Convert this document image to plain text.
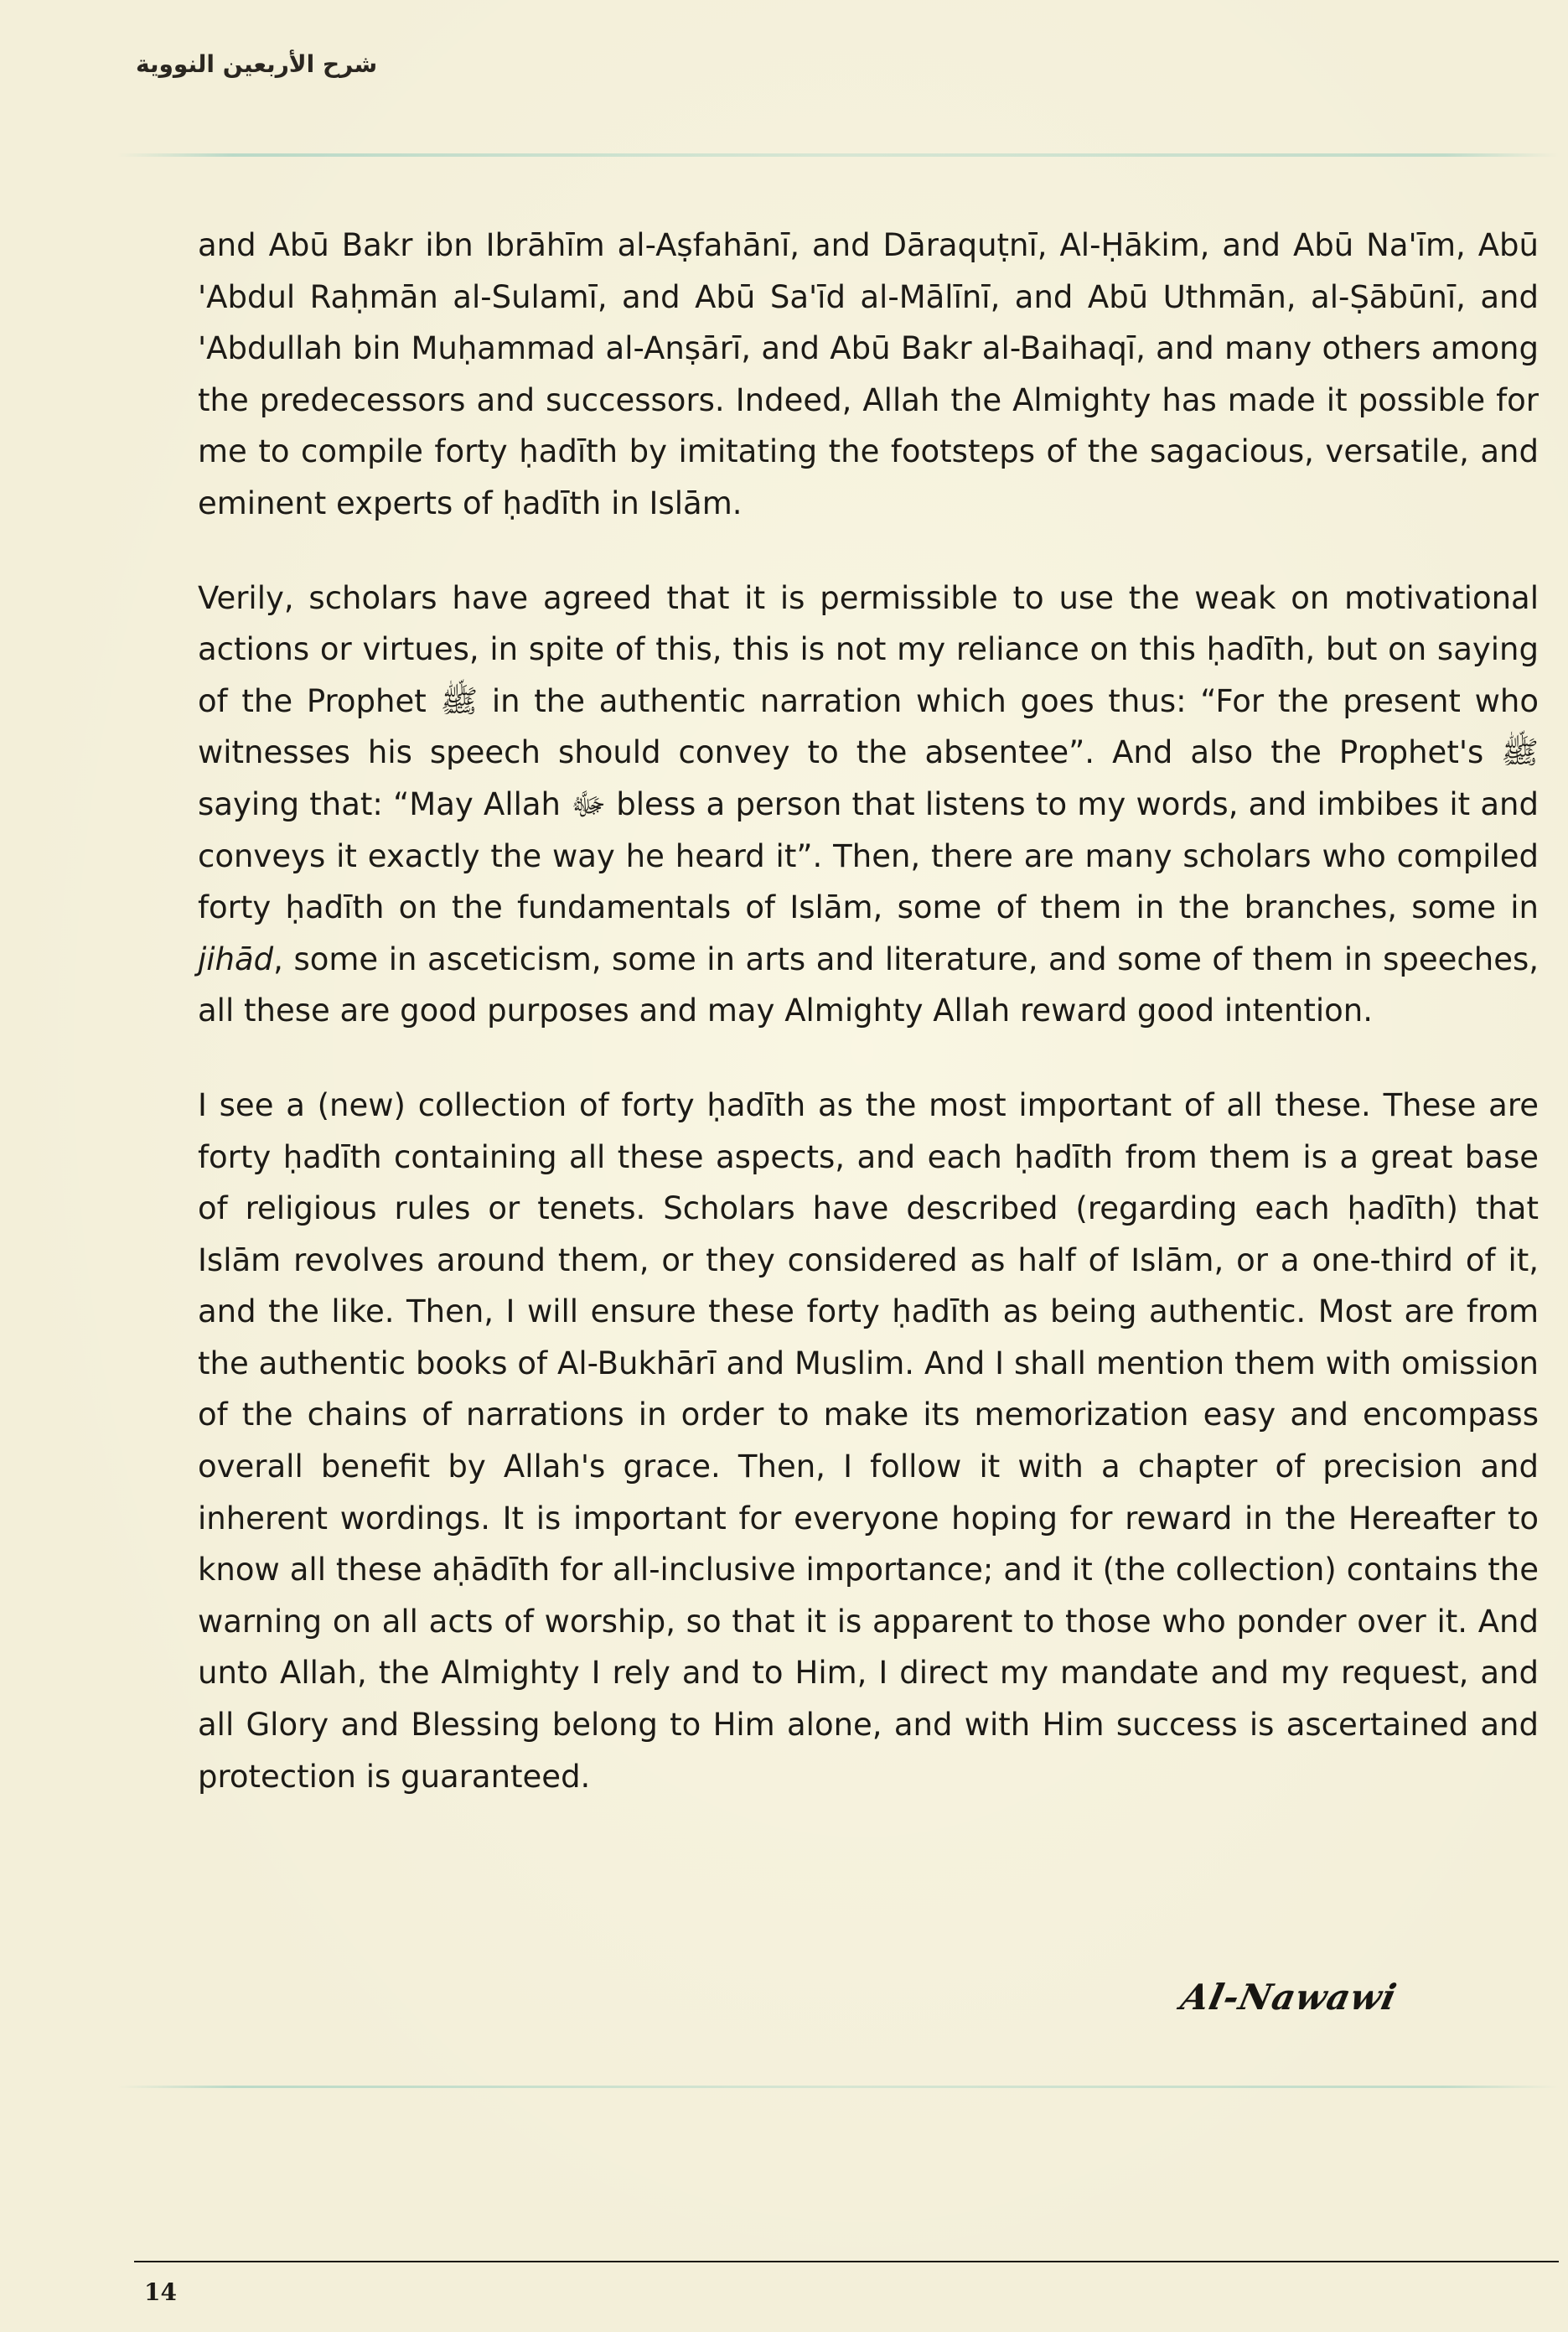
شرح الأربعين النووية

and Abū Bakr ibn Ibrāhīm al-Aṣfahānī, and Dāraquṭnī, Al-Ḥākim, and Abū Na'īm, Abū 'Abdul Raḥmān al-Sulamī, and Abū Sa'īd al-Mālīnī, and Abū Uthmān, al-Ṣābūnī, and 'Abdullah bin Muḥammad al-Anṣārī, and Abū Bakr al-Baihaqī, and many others among the predecessors and successors. Indeed, Allah the Almighty has made it possible for me to compile forty ḥadīth by imitating the footsteps of the sagacious, versatile, and eminent experts of ḥadīth in Islām.

Verily, scholars have agreed that it is permissible to use the weak on motivational actions or virtues, in spite of this, this is not my reliance on this ḥadīth, but on saying of the Prophet ﷺ in the authentic narration which goes thus: “For the present who witnesses his speech should convey to the absentee”. And also the Prophet's ﷺ saying that: “May Allah ﷻ bless a person that listens to my words, and imbibes it and conveys it exactly the way he heard it”. Then, there are many scholars who compiled forty ḥadīth on the fundamentals of Islām, some of them in the branches, some in jihād, some in asceticism, some in arts and literature, and some of them in speeches, all these are good purposes and may Almighty Allah reward good intention.

I see a (new) collection of forty ḥadīth as the most important of all these. These are forty ḥadīth containing all these aspects, and each ḥadīth from them is a great base of religious rules or tenets. Scholars have described (regarding each ḥadīth) that Islām revolves around them, or they considered as half of Islām, or a one-third of it, and the like. Then, I will ensure these forty ḥadīth as being authentic. Most are from the authentic books of Al-Bukhārī and Muslim. And I shall mention them with omission of the chains of narrations in order to make its memorization easy and encompass overall benefit by Allah's grace. Then, I follow it with a chapter of precision and inherent wordings. It is important for everyone hoping for reward in the Hereafter to know all these aḥādīth for all-inclusive importance; and it (the collection) contains the warning on all acts of worship, so that it is apparent to those who ponder over it. And unto Allah, the Almighty I rely and to Him, I direct my mandate and my request, and all Glory and Blessing belong to Him alone, and with Him success is ascertained and protection is guaranteed.

Al-Nawawi
14
